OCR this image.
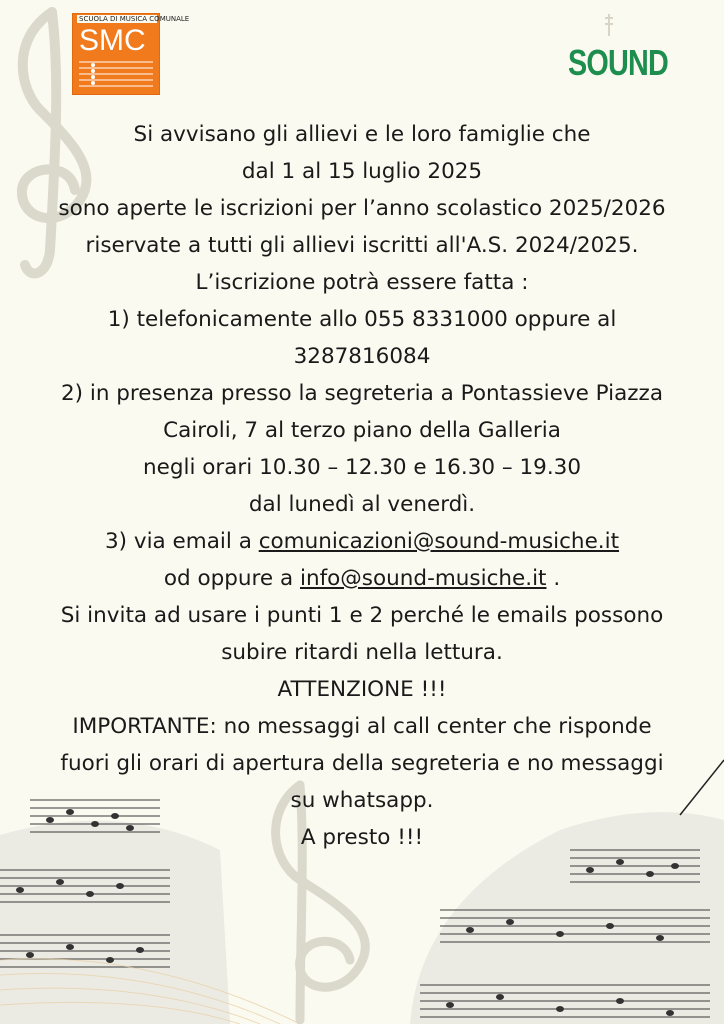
SCUOLA DI MUSICA COMUNALE
SMC
SOUND

Si avvisano gli allievi e le loro famiglie che

dal 1 al 15 luglio 2025

sono aperte le iscrizioni per l’anno scolastico 2025/2026

riservate a tutti gli allievi iscritti all'A.S. 2024/2025.

L’iscrizione potrà essere fatta :

1) telefonicamente allo 055 8331000 oppure al

3287816084

2) in presenza presso la segreteria a Pontassieve Piazza

Cairoli, 7 al terzo piano della Galleria

negli orari 10.30 – 12.30 e 16.30 – 19.30

dal lunedì al venerdì.

3) via email a comunicazioni@sound-musiche.it

od oppure a info@sound-musiche.it .

Si invita ad usare i punti 1 e 2 perché le emails possono

subire ritardi nella lettura.

ATTENZIONE !!!

IMPORTANTE: no messaggi al call center che risponde

fuori gli orari di apertura della segreteria e no messaggi

su whatsapp.

A presto !!!
